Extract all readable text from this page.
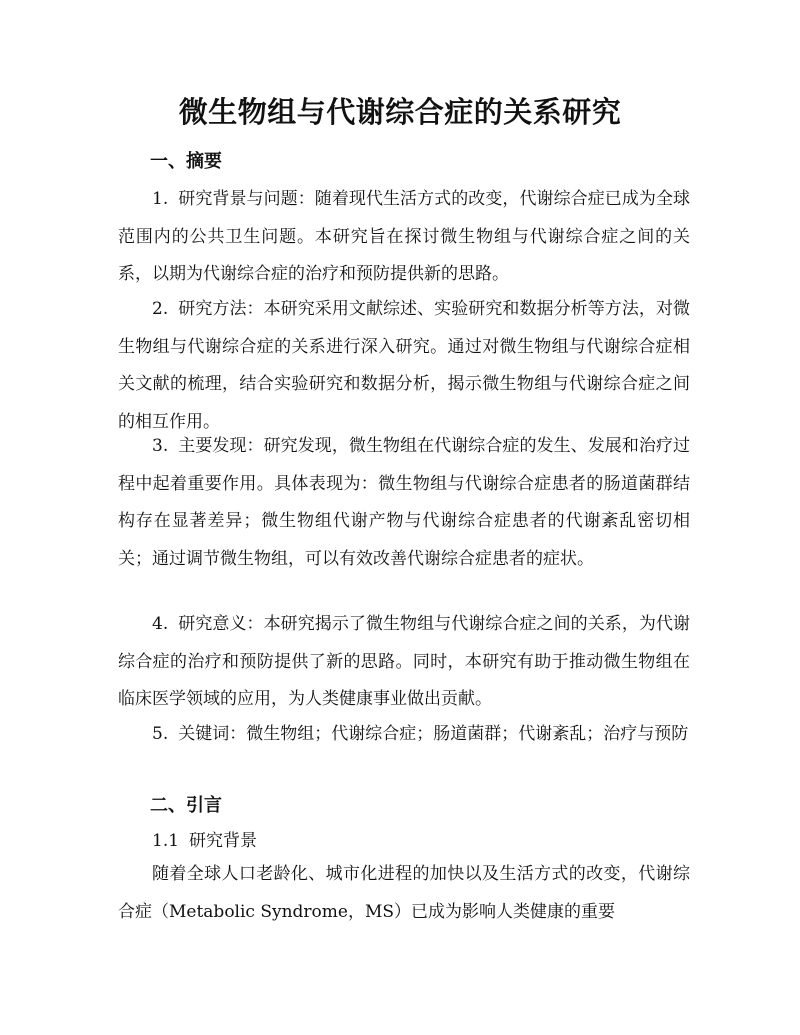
微生物组与代谢综合症的关系研究
一、摘要

1. 研究背景与问题：随着现代生活方式的改变，代谢综合症已成为全球范围内的公共卫生问题。本研究旨在探讨微生物组与代谢综合症之间的关系，以期为代谢综合症的治疗和预防提供新的思路。

2. 研究方法：本研究采用文献综述、实验研究和数据分析等方法，对微生物组与代谢综合症的关系进行深入研究。通过对微生物组与代谢综合症相关文献的梳理，结合实验研究和数据分析，揭示微生物组与代谢综合症之间的相互作用。

3. 主要发现：研究发现，微生物组在代谢综合症的发生、发展和治疗过程中起着重要作用。具体表现为：微生物组与代谢综合症患者的肠道菌群结构存在显著差异；微生物组代谢产物与代谢综合症患者的代谢紊乱密切相关；通过调节微生物组，可以有效改善代谢综合症患者的症状。

4. 研究意义：本研究揭示了微生物组与代谢综合症之间的关系，为代谢综合症的治疗和预防提供了新的思路。同时，本研究有助于推动微生物组在临床医学领域的应用，为人类健康事业做出贡献。

5. 关键词：微生物组；代谢综合症；肠道菌群；代谢紊乱；治疗与预防

二、引言

1.1 研究背景

随着全球人口老龄化、城市化进程的加快以及生活方式的改变，代谢综合症（Metabolic Syndrome，MS）已成为影响人类健康的重要
